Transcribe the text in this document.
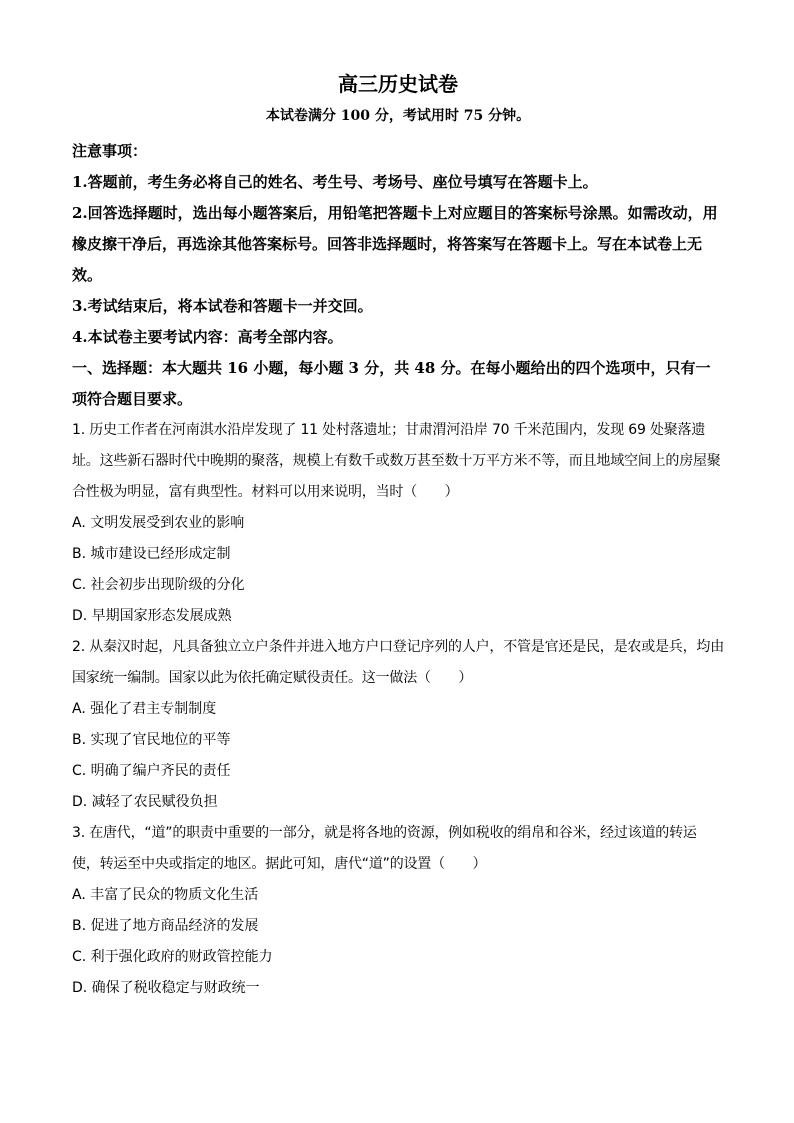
高三历史试卷
本试卷满分 100 分，考试用时 75 分钟。
注意事项：
1.答题前，考生务必将自己的姓名、考生号、考场号、座位号填写在答题卡上。
2.回答选择题时，选出每小题答案后，用铅笔把答题卡上对应题目的答案标号涂黑。如需改动，用橡皮擦干净后，再选涂其他答案标号。回答非选择题时，将答案写在答题卡上。写在本试卷上无效。
3.考试结束后，将本试卷和答题卡一并交回。
4.本试卷主要考试内容：高考全部内容。
一、选择题：本大题共 16 小题，每小题 3 分，共 48 分。在每小题给出的四个选项中，只有一项符合题目要求。
1. 历史工作者在河南淇水沿岸发现了 11 处村落遗址；甘肃渭河沿岸 70 千米范围内，发现 69 处聚落遗址。这些新石器时代中晚期的聚落，规模上有数千或数万甚至数十万平方米不等，而且地域空间上的房屋聚合性极为明显，富有典型性。材料可以用来说明，当时（　　）
A. 文明发展受到农业的影响
B. 城市建设已经形成定制
C. 社会初步出现阶级的分化
D. 早期国家形态发展成熟
2. 从秦汉时起，凡具备独立立户条件并进入地方户口登记序列的人户，不管是官还是民，是农或是兵，均由国家统一编制。国家以此为依托确定赋役责任。这一做法（　　）
A. 强化了君主专制制度
B. 实现了官民地位的平等
C. 明确了编户齐民的责任
D. 减轻了农民赋役负担
3. 在唐代，“道”的职责中重要的一部分，就是将各地的资源，例如税收的绢帛和谷米，经过该道的转运使，转运至中央或指定的地区。据此可知，唐代“道”的设置（　　）
A. 丰富了民众的物质文化生活
B. 促进了地方商品经济的发展
C. 利于强化政府的财政管控能力
D. 确保了税收稳定与财政统一
